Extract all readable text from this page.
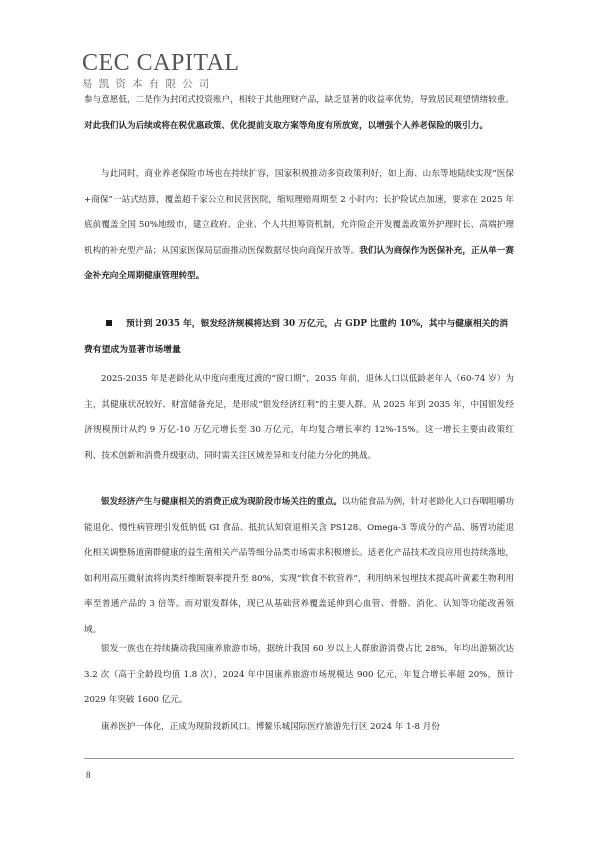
CEC CAPITAL
易凯资本有限公司

参与意愿低，二是作为封闭式投资账户，相较于其他理财产品，缺乏显著的收益率优势，导致居民观望情绪较重。对此我们认为后续或将在税优惠政策、优化提前支取方案等角度有所放宽，以增强个人养老保险的吸引力。

与此同时，商业养老保险市场也在持续扩容，国家积极推动多资政策利好，如上海、山东等地陆续实现“医保+商保”一站式结算，覆盖超千家公立和民营医院，缩短理赔周期至 2 小时内；长护险试点加速，要求在 2025 年底前覆盖全国 50%地级市，建立政府、企业、个人共担筹资机制，允许险企开发覆盖政策外护理时长、高端护理机构的补充型产品；从国家医保局层面推动医保数据尽快向商保开放等。我们认为商保作为医保补充，正从单一赛金补充向全周期健康管理转型。

预计到 2035 年，银发经济规模将达到 30 万亿元，占 GDP 比重约 10%，其中与健康相关的消费有望成为显著市场增量

2025-2035 年是老龄化从中度向重度过渡的“窗口期”，2035 年前，退休人口以低龄老年人（60-74 岁）为主，其健康状况较好、财富储备充足，是形成“银发经济红利”的主要人群。从 2025 年到 2035 年，中国银发经济规模预计从约 9 万亿-10 万亿元增长至 30 万亿元，年均复合增长率约 12%-15%。这一增长主要由政策红利、技术创新和消费升级驱动，同时需关注区域差异和支付能力分化的挑战。

银发经济产生与健康相关的消费正成为现阶段市场关注的重点。以功能食品为例，针对老龄化人口吞咽咀嚼功能退化、慢性病管理引发低钠低 GI 食品、抵抗认知衰退相关含 PS128、Omega-3 等成分的产品、肠胃功能退化相关调整肠道菌群健康的益生菌相关产品等细分品类市场需求积极增长。适老化产品技术改良应用也持续落地，如利用高压微射流将肉类纤维断裂率提升至 80%，实现“软食不软营养”，利用纳米包埋技术提高叶黄素生物利用率至普通产品的 3 倍等。而对银发群体，现已从基础营养覆盖延伸到心血管、骨骼、消化、认知等功能改善领域。

银发一族也在持续撬动我国康养旅游市场，据统计我国 60 岁以上人群旅游消费占比 28%，年均出游频次达 3.2 次（高于全龄段均值 1.8 次），2024 年中国康养旅游市场规模达 900 亿元，年复合增长率超 20%，预计 2029 年突破 1600 亿元。

康养医护一体化，正成为现阶段新风口。博鳌乐城国际医疗旅游先行区 2024 年 1-8 月份

8
